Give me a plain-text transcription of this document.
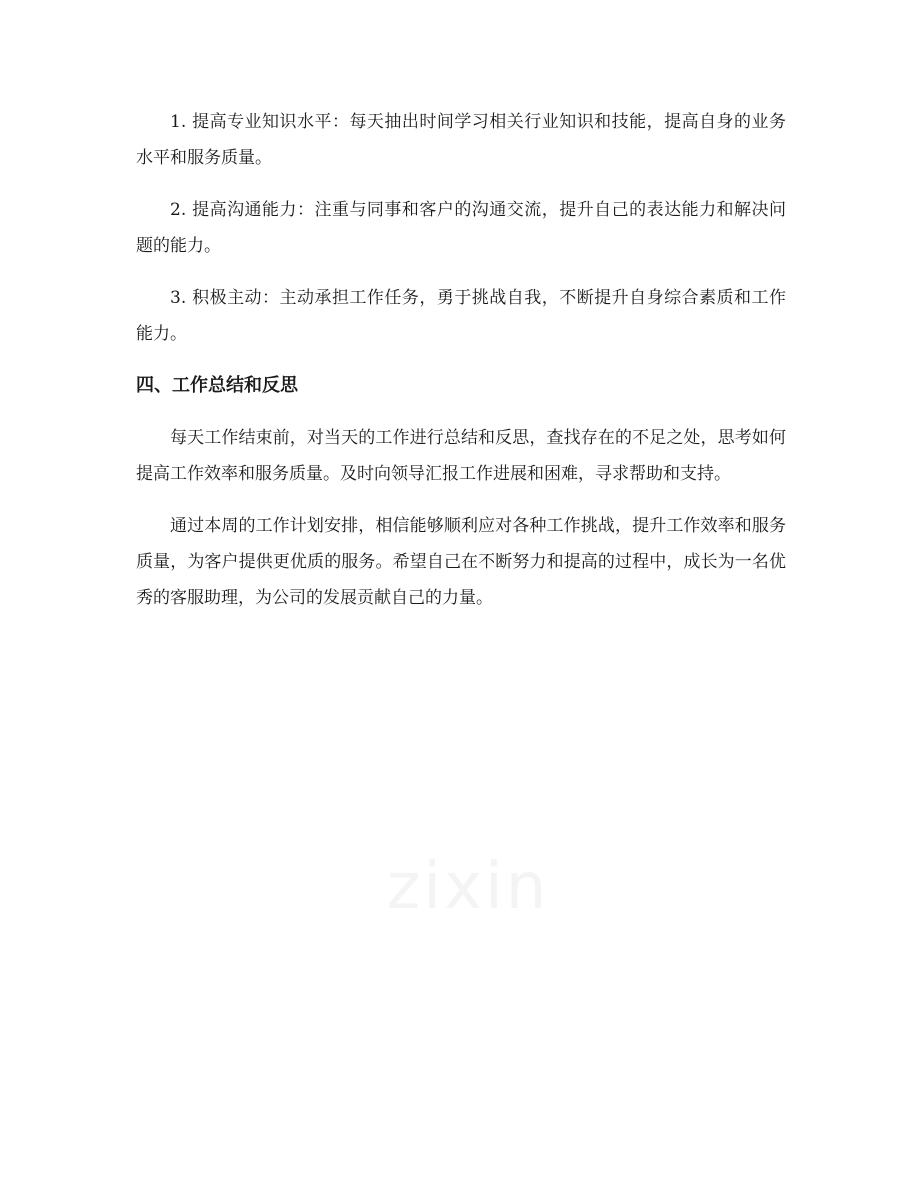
1. 提高专业知识水平：每天抽出时间学习相关行业知识和技能，提高自身的业务水平和服务质量。

2. 提高沟通能力：注重与同事和客户的沟通交流，提升自己的表达能力和解决问题的能力。

3. 积极主动：主动承担工作任务，勇于挑战自我，不断提升自身综合素质和工作能力。

四、工作总结和反思

每天工作结束前，对当天的工作进行总结和反思，查找存在的不足之处，思考如何提高工作效率和服务质量。及时向领导汇报工作进展和困难，寻求帮助和支持。

通过本周的工作计划安排，相信能够顺利应对各种工作挑战，提升工作效率和服务质量，为客户提供更优质的服务。希望自己在不断努力和提高的过程中，成长为一名优秀的客服助理，为公司的发展贡献自己的力量。

zixin
